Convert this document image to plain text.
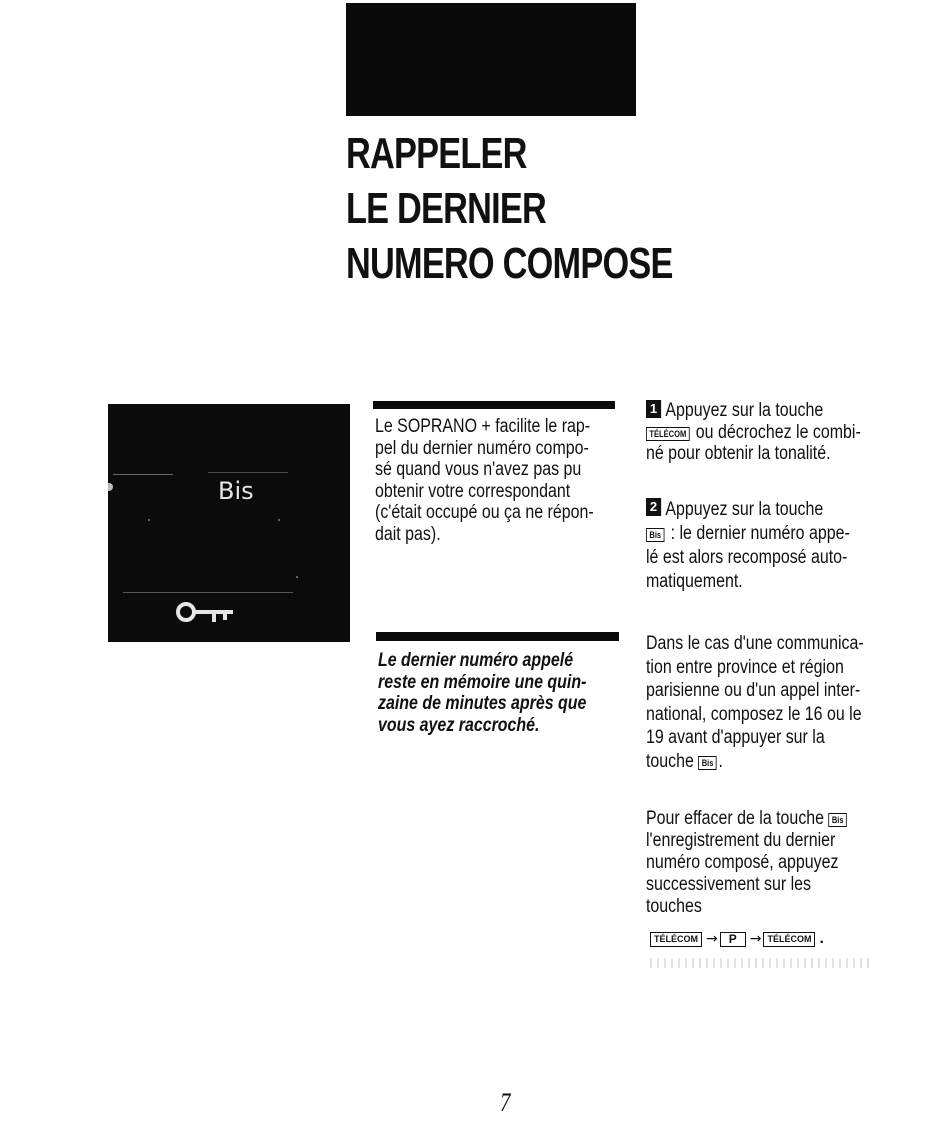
RAPPELER
LE DERNIER
NUMERO COMPOSE
Bis
Le SOPRANO + facilite le rap-
pel du dernier numéro compo-
sé quand vous n'avez pas pu
obtenir votre correspondant
(c'était occupé ou ça ne répon-
dait pas).
Le dernier numéro appelé
reste en mémoire une quin-
zaine de minutes après que
vous ayez raccroché.
1 Appuyez sur la touche
TÉLÉCOM ou décrochez le combi-
né pour obtenir la tonalité.
2 Appuyez sur la touche
Bis : le dernier numéro appe-
lé est alors recomposé auto-
matiquement.
Dans le cas d'une communica-
tion entre province et région
parisienne ou d'un appel inter-
national, composez le 16 ou le
19 avant d'appuyer sur la
touche Bis .
Pour effacer de la touche Bis
l'enregistrement du dernier
numéro composé, appuyez
successivement sur les
touches
TÉLÉCOM → P → TÉLÉCOM .
7
